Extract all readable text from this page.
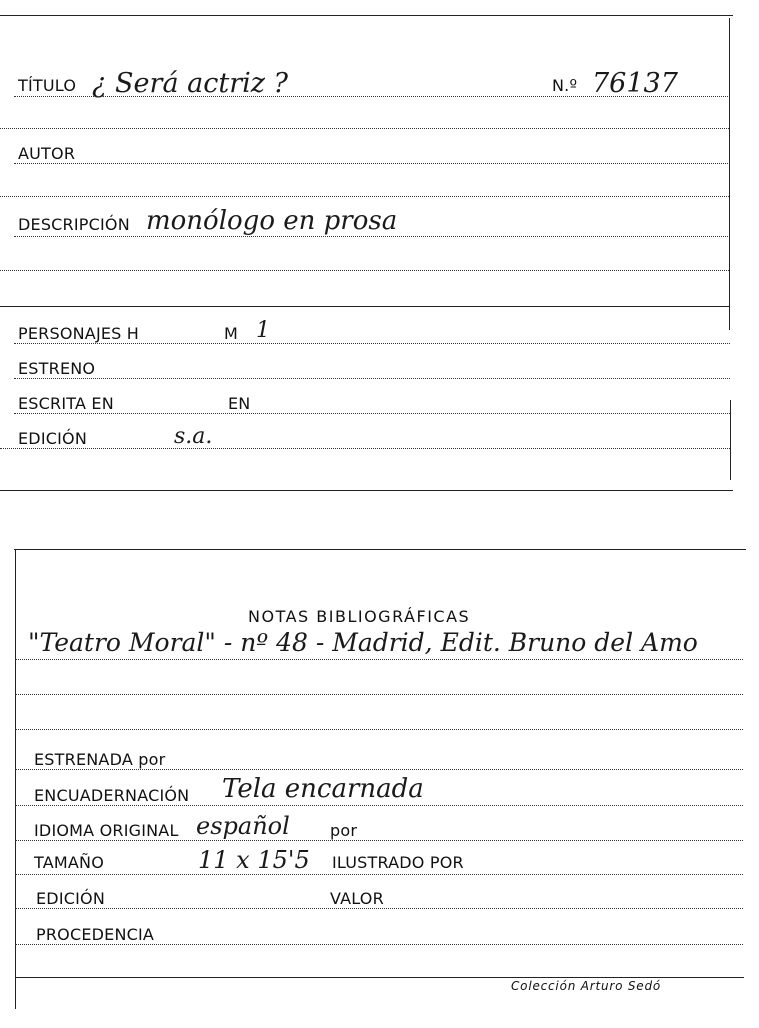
TÍTULO ¿ Será actriz ?	N.º 76137
AUTOR
DESCRIPCIÓN monólogo en prosa
PERSONAJES H	M 1
ESTRENO
ESCRITA EN	EN
EDICIÓN	s.a.
NOTAS BIBLIOGRÁFICAS
"Teatro Moral" - nº 48 - Madrid, Edit. Bruno del Amo
ESTRENADA por
ENCUADERNACIÓN Tela encarnada
IDIOMA ORIGINAL español	por
TAMAÑO	11 x 15'5 ILUSTRADO POR
EDICIÓN	VALOR
PROCEDENCIA
Colección Arturo Sedó
